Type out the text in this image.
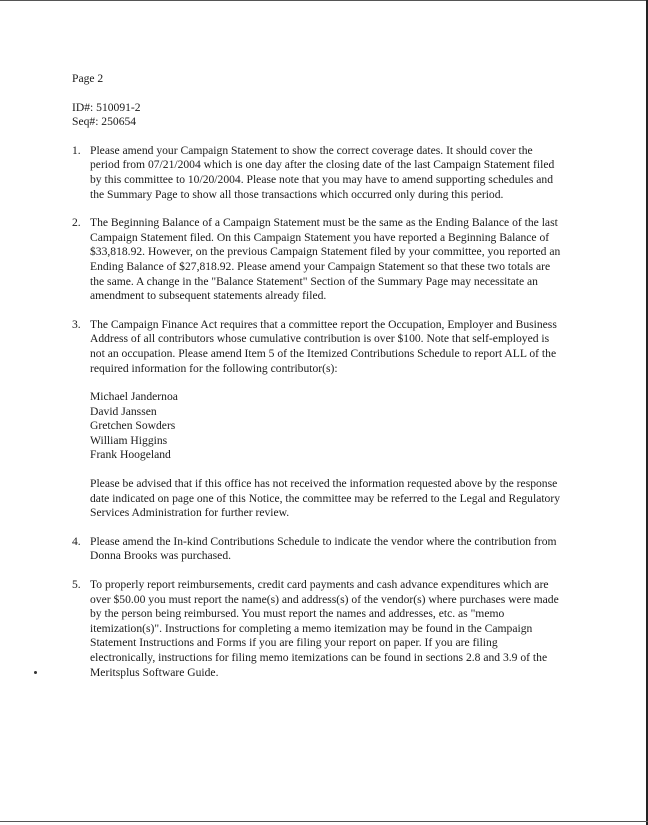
Page 2

ID#: 510091-2

Seq#: 250654

1. Please amend your Campaign Statement to show the correct coverage dates. It should cover the period from 07/21/2004 which is one day after the closing date of the last Campaign Statement filed by this committee to 10/20/2004. Please note that you may have to amend supporting schedules and the Summary Page to show all those transactions which occurred only during this period.

2. The Beginning Balance of a Campaign Statement must be the same as the Ending Balance of the last Campaign Statement filed. On this Campaign Statement you have reported a Beginning Balance of $33,818.92. However, on the previous Campaign Statement filed by your committee, you reported an Ending Balance of $27,818.92. Please amend your Campaign Statement so that these two totals are the same. A change in the "Balance Statement" Section of the Summary Page may necessitate an amendment to subsequent statements already filed.

3. The Campaign Finance Act requires that a committee report the Occupation, Employer and Business Address of all contributors whose cumulative contribution is over $100. Note that self-employed is not an occupation. Please amend Item 5 of the Itemized Contributions Schedule to report ALL of the required information for the following contributor(s):

Michael Jandernoa
David Janssen
Gretchen Sowders
William Higgins
Frank Hoogeland

Please be advised that if this office has not received the information requested above by the response date indicated on page one of this Notice, the committee may be referred to the Legal and Regulatory Services Administration for further review.

4. Please amend the In-kind Contributions Schedule to indicate the vendor where the contribution from Donna Brooks was purchased.

5. To properly report reimbursements, credit card payments and cash advance expenditures which are over $50.00 you must report the name(s) and address(s) of the vendor(s) where purchases were made by the person being reimbursed. You must report the names and addresses, etc. as "memo itemization(s)". Instructions for completing a memo itemization may be found in the Campaign Statement Instructions and Forms if you are filing your report on paper. If you are filing electronically, instructions for filing memo itemizations can be found in sections 2.8 and 3.9 of the Meritsplus Software Guide.
